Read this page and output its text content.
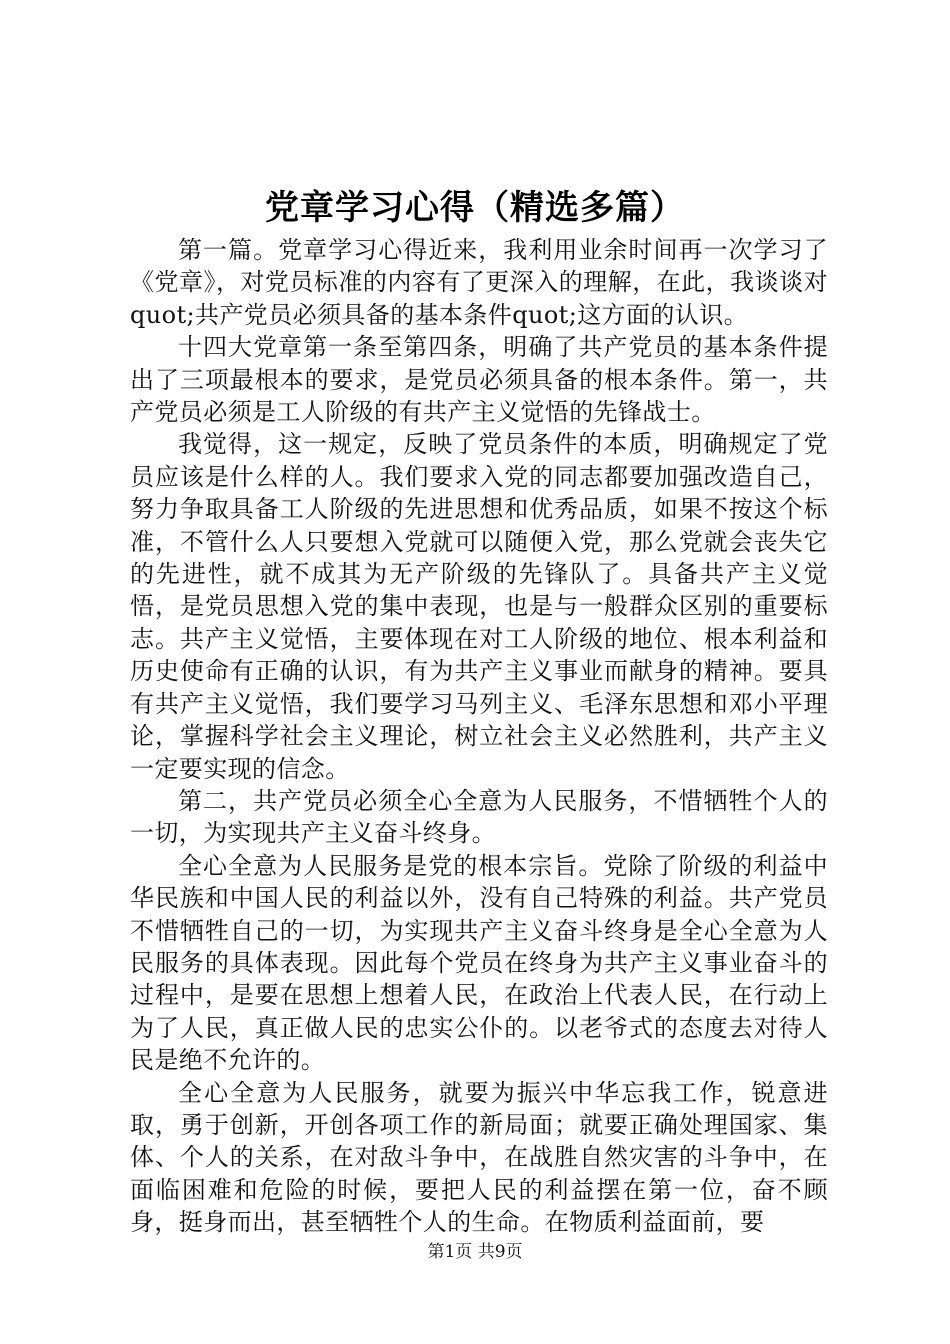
党章学习心得（精选多篇）

第一篇。党章学习心得近来，我利用业余时间再一次学习了《党章》，对党员标准的内容有了更深入的理解，在此，我谈谈对quot;共产党员必须具备的基本条件quot;这方面的认识。

十四大党章第一条至第四条，明确了共产党员的基本条件提出了三项最根本的要求，是党员必须具备的根本条件。第一，共产党员必须是工人阶级的有共产主义觉悟的先锋战士。

我觉得，这一规定，反映了党员条件的本质，明确规定了党员应该是什么样的人。我们要求入党的同志都要加强改造自己，努力争取具备工人阶级的先进思想和优秀品质，如果不按这个标准，不管什么人只要想入党就可以随便入党，那么党就会丧失它的先进性，就不成其为无产阶级的先锋队了。具备共产主义觉悟，是党员思想入党的集中表现，也是与一般群众区别的重要标志。共产主义觉悟，主要体现在对工人阶级的地位、根本利益和历史使命有正确的认识，有为共产主义事业而献身的精神。要具有共产主义觉悟，我们要学习马列主义、毛泽东思想和邓小平理论，掌握科学社会主义理论，树立社会主义必然胜利，共产主义一定要实现的信念。

第二，共产党员必须全心全意为人民服务，不惜牺牲个人的一切，为实现共产主义奋斗终身。

全心全意为人民服务是党的根本宗旨。党除了阶级的利益中华民族和中国人民的利益以外，没有自己特殊的利益。共产党员不惜牺牲自己的一切，为实现共产主义奋斗终身是全心全意为人民服务的具体表现。因此每个党员在终身为共产主义事业奋斗的过程中，是要在思想上想着人民，在政治上代表人民，在行动上为了人民，真正做人民的忠实公仆的。以老爷式的态度去对待人民是绝不允许的。

全心全意为人民服务，就要为振兴中华忘我工作，锐意进取，勇于创新，开创各项工作的新局面；就要正确处理国家、集体、个人的关系，在对敌斗争中，在战胜自然灾害的斗争中，在面临困难和危险的时候，要把人民的利益摆在第一位，奋不顾身，挺身而出，甚至牺牲个人的生命。在物质利益面前，要

第1页 共9页
